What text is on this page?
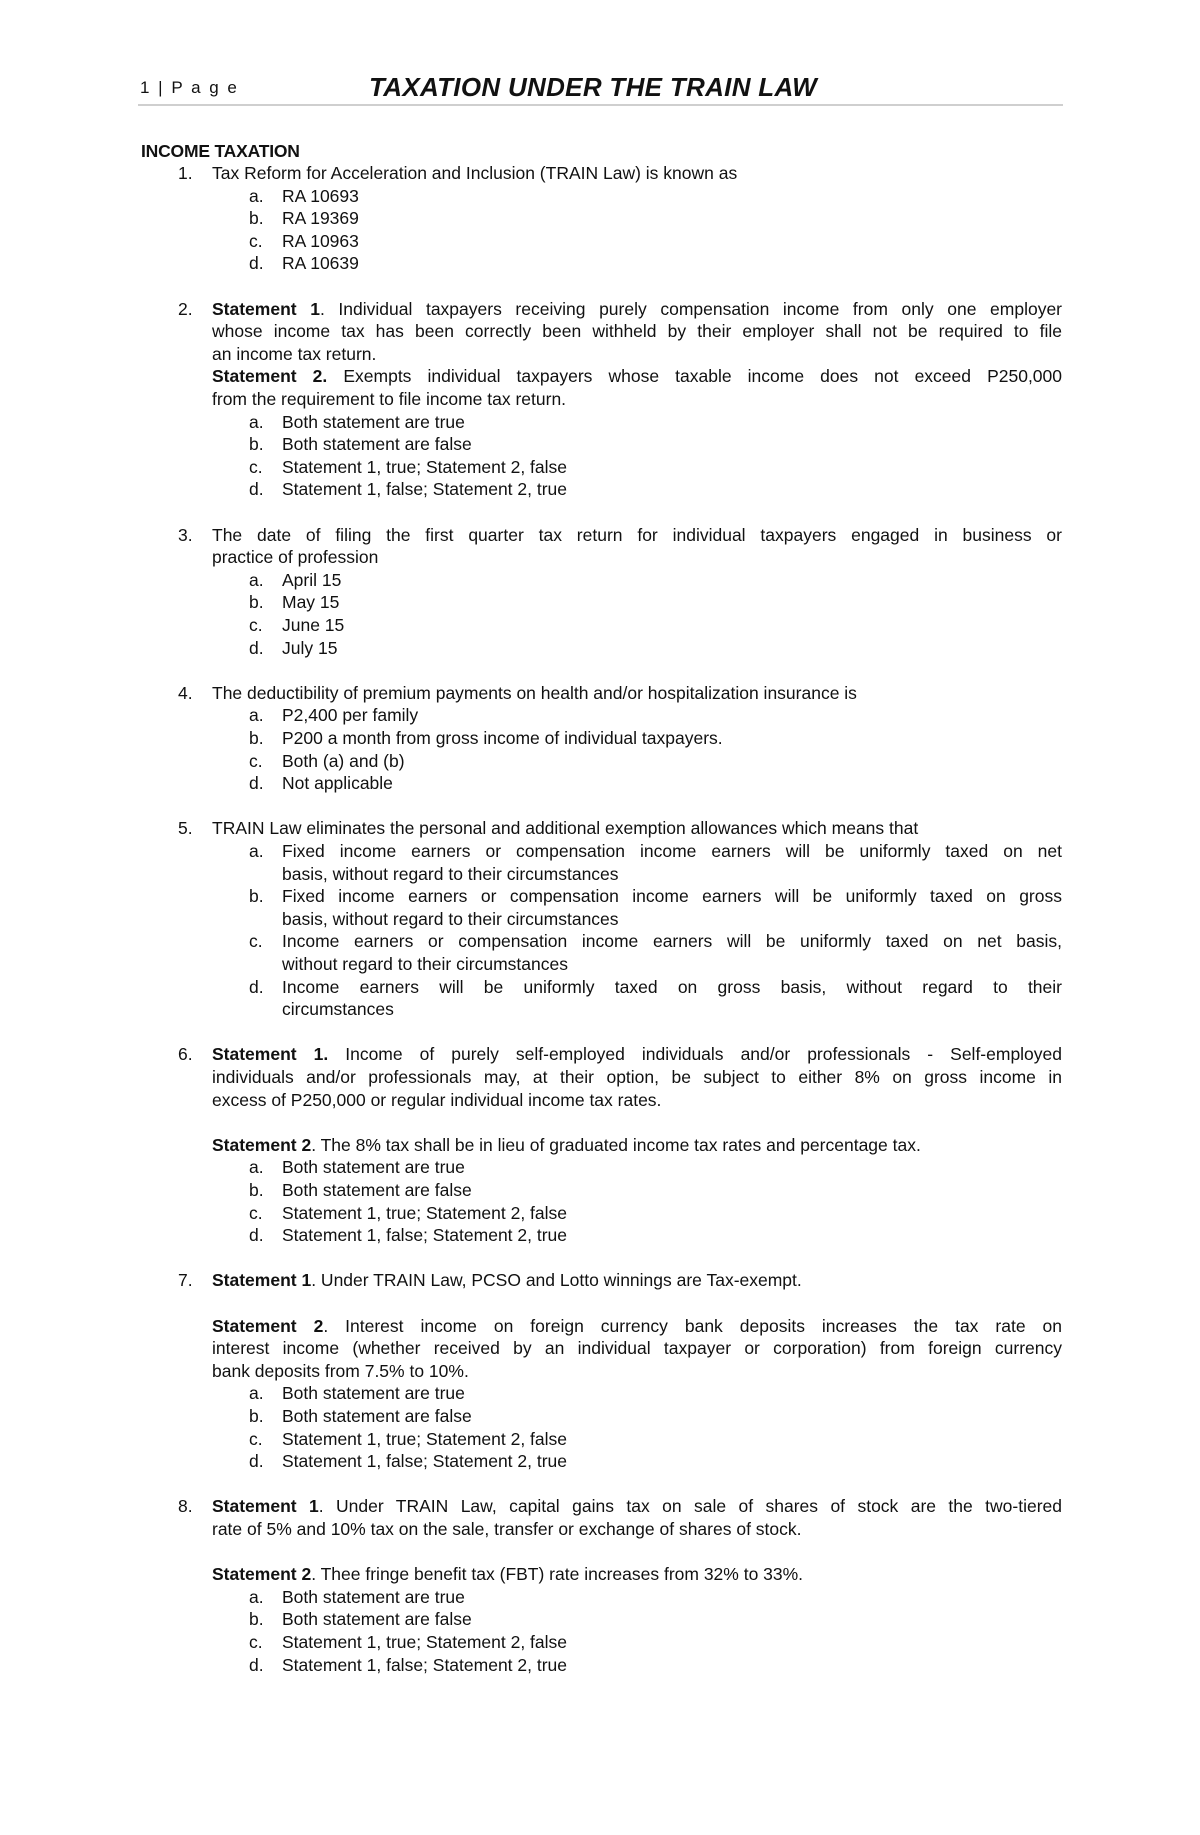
1 | P a g e	TAXATION UNDER THE TRAIN LAW
INCOME TAXATION
1. Tax Reform for Acceleration and Inclusion (TRAIN Law) is known as
a. RA 10693
b. RA 19369
c. RA 10963
d. RA 10639
2. Statement 1. Individual taxpayers receiving purely compensation income from only one employer
whose income tax has been correctly been withheld by their employer shall not be required to file
an income tax return.
Statement 2. Exempts individual taxpayers whose taxable income does not exceed P250,000
from the requirement to file income tax return.
a. Both statement are true
b. Both statement are false
c. Statement 1, true; Statement 2, false
d. Statement 1, false; Statement 2, true
3. The date of filing the first quarter tax return for individual taxpayers engaged in business or
practice of profession
a. April 15
b. May 15
c. June 15
d. July 15
4. The deductibility of premium payments on health and/or hospitalization insurance is
a. P2,400 per family
b. P200 a month from gross income of individual taxpayers.
c. Both (a) and (b)
d. Not applicable
5. TRAIN Law eliminates the personal and additional exemption allowances which means that
a. Fixed income earners or compensation income earners will be uniformly taxed on net
basis, without regard to their circumstances
b. Fixed income earners or compensation income earners will be uniformly taxed on gross
basis, without regard to their circumstances
c. Income earners or compensation income earners will be uniformly taxed on net basis,
without regard to their circumstances
d. Income earners will be uniformly taxed on gross basis, without regard to their
circumstances
6. Statement 1. Income of purely self-employed individuals and/or professionals - Self-employed
individuals and/or professionals may, at their option, be subject to either 8% on gross income in
excess of P250,000 or regular individual income tax rates.
Statement 2. The 8% tax shall be in lieu of graduated income tax rates and percentage tax.
a. Both statement are true
b. Both statement are false
c. Statement 1, true; Statement 2, false
d. Statement 1, false; Statement 2, true
7. Statement 1. Under TRAIN Law, PCSO and Lotto winnings are Tax-exempt.
Statement 2. Interest income on foreign currency bank deposits increases the tax rate on
interest income (whether received by an individual taxpayer or corporation) from foreign currency
bank deposits from 7.5% to 10%.
a. Both statement are true
b. Both statement are false
c. Statement 1, true; Statement 2, false
d. Statement 1, false; Statement 2, true
8. Statement 1. Under TRAIN Law, capital gains tax on sale of shares of stock are the two-tiered
rate of 5% and 10% tax on the sale, transfer or exchange of shares of stock.
Statement 2. Thee fringe benefit tax (FBT) rate increases from 32% to 33%.
a. Both statement are true
b. Both statement are false
c. Statement 1, true; Statement 2, false
d. Statement 1, false; Statement 2, true
